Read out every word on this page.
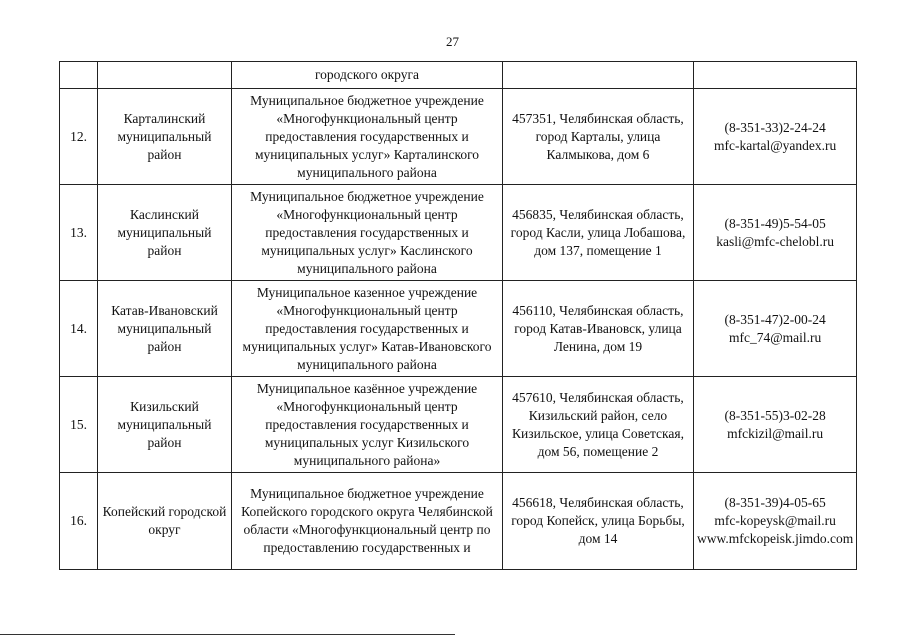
27
		городского округа		
12.	Карталинский муниципальный район	Муниципальное бюджетное учреждение «Многофункциональный центр предоставления государственных и муниципальных услуг» Карталинского муниципального района	457351, Челябинская область, город Карталы, улица Калмыкова, дом 6	(8-351-33)2-24-24
mfc-kartal@yandex.ru

13.	Каслинский муниципальный район	Муниципальное бюджетное учреждение «Многофункциональный центр предоставления государственных и муниципальных услуг» Каслинского муниципального района	456835, Челябинская область, город Касли, улица Лобашова, дом 137, помещение 1	(8-351-49)5-54-05
kasli@mfc-chelobl.ru

14.	Катав-Ивановский муниципальный район	Муниципальное казенное учреждение «Многофункциональный центр предоставления государственных и муниципальных услуг» Катав-Ивановского муниципального района	456110, Челябинская область, город Катав-Ивановск, улица Ленина, дом 19	(8-351-47)2-00-24
mfc_74@mail.ru

15.	Кизильский муниципальный район	Муниципальное казённое учреждение «Многофункциональный центр предоставления государственных и муниципальных услуг Кизильского муниципального района»	457610, Челябинская область, Кизильский район, село Кизильское, улица Советская, дом 56, помещение 2	(8-351-55)3-02-28
mfckizil@mail.ru

16.	Копейский городской округ	Муниципальное бюджетное учреждение Копейского городского округа Челябинской области «Многофункциональный центр по предоставлению государственных и	456618, Челябинская область, город Копейск, улица Борьбы, дом 14	(8-351-39)4-05-65
mfc-kopeysk@mail.ru
www.mfckopeisk.jimdo.com
